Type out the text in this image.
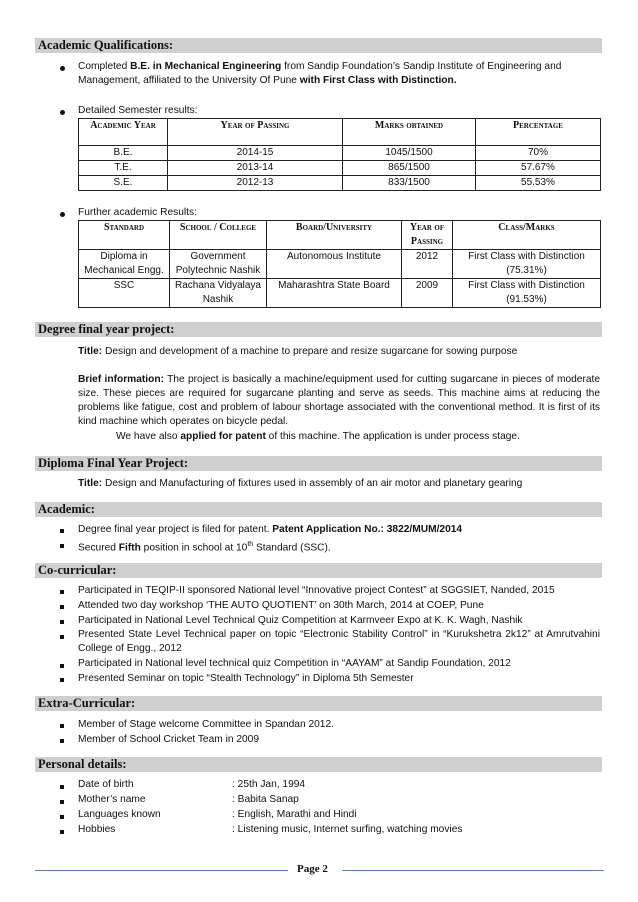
Academic Qualifications:
Completed B.E. in Mechanical Engineering from Sandip Foundation’s Sandip Institute of Engineering and Management, affiliated to the University Of Pune with First Class with Distinction.
Detailed Semester results:
Academic Year	Year of Passing	Marks obtained	Percentage
B.E.	2014-15	1045/1500	70%
T.E.	2013-14	865/1500	57.67%
S.E.	2012-13	833/1500	55.53%
Further academic Results:
Standard	School / College	Board/University	Year of Passing	Class/Marks
Diploma in Mechanical Engg.	Government Polytechnic Nashik	Autonomous Institute	2012	First Class with Distinction (75.31%)
SSC	Rachana Vidyalaya Nashik	Maharashtra State Board	2009	First Class with Distinction (91.53%)
Degree final year project:
Title: Design and development of a machine to prepare and resize sugarcane for sowing purpose
Brief information: The project is basically a machine/equipment used for cutting sugarcane in pieces of moderate size. These pieces are required for sugarcane planting and serve as seeds. This machine aims at reducing the problems like fatigue, cost and problem of labour shortage associated with the conventional method. It is first of its kind machine which operates on bicycle pedal.
We have also applied for patent of this machine. The application is under process stage.
Diploma Final Year Project:
Title: Design and Manufacturing of fixtures used in assembly of an air motor and planetary gearing
Academic:
Degree final year project is filed for patent. Patent Application No.: 3822/MUM/2014
Secured Fifth position in school at 10th Standard (SSC).
Co-curricular:
Participated in TEQIP-II sponsored National level “Innovative project Contest” at SGGSIET, Nanded, 2015
Attended two day workshop ‘THE AUTO QUOTIENT’ on 30th March, 2014 at COEP, Pune
Participated in National Level Technical Quiz Competition at Karmveer Expo at K. K. Wagh, Nashik
Presented State Level Technical paper on topic “Electronic Stability Control” in “Kurukshetra 2k12” at Amrutvahini College of Engg., 2012
Participated in National level technical quiz Competition in “AAYAM” at Sandip Foundation, 2012
Presented Seminar on topic “Stealth Technology” in Diploma 5th Semester
Extra-Curricular:
Member of Stage welcome Committee in Spandan 2012.
Member of School Cricket Team in 2009
Personal details:
Date of birth	: 25th Jan, 1994
Mother’s name	: Babita Sanap
Languages known	: English, Marathi and Hindi
Hobbies	: Listening music, Internet surfing, watching movies
Page 2
